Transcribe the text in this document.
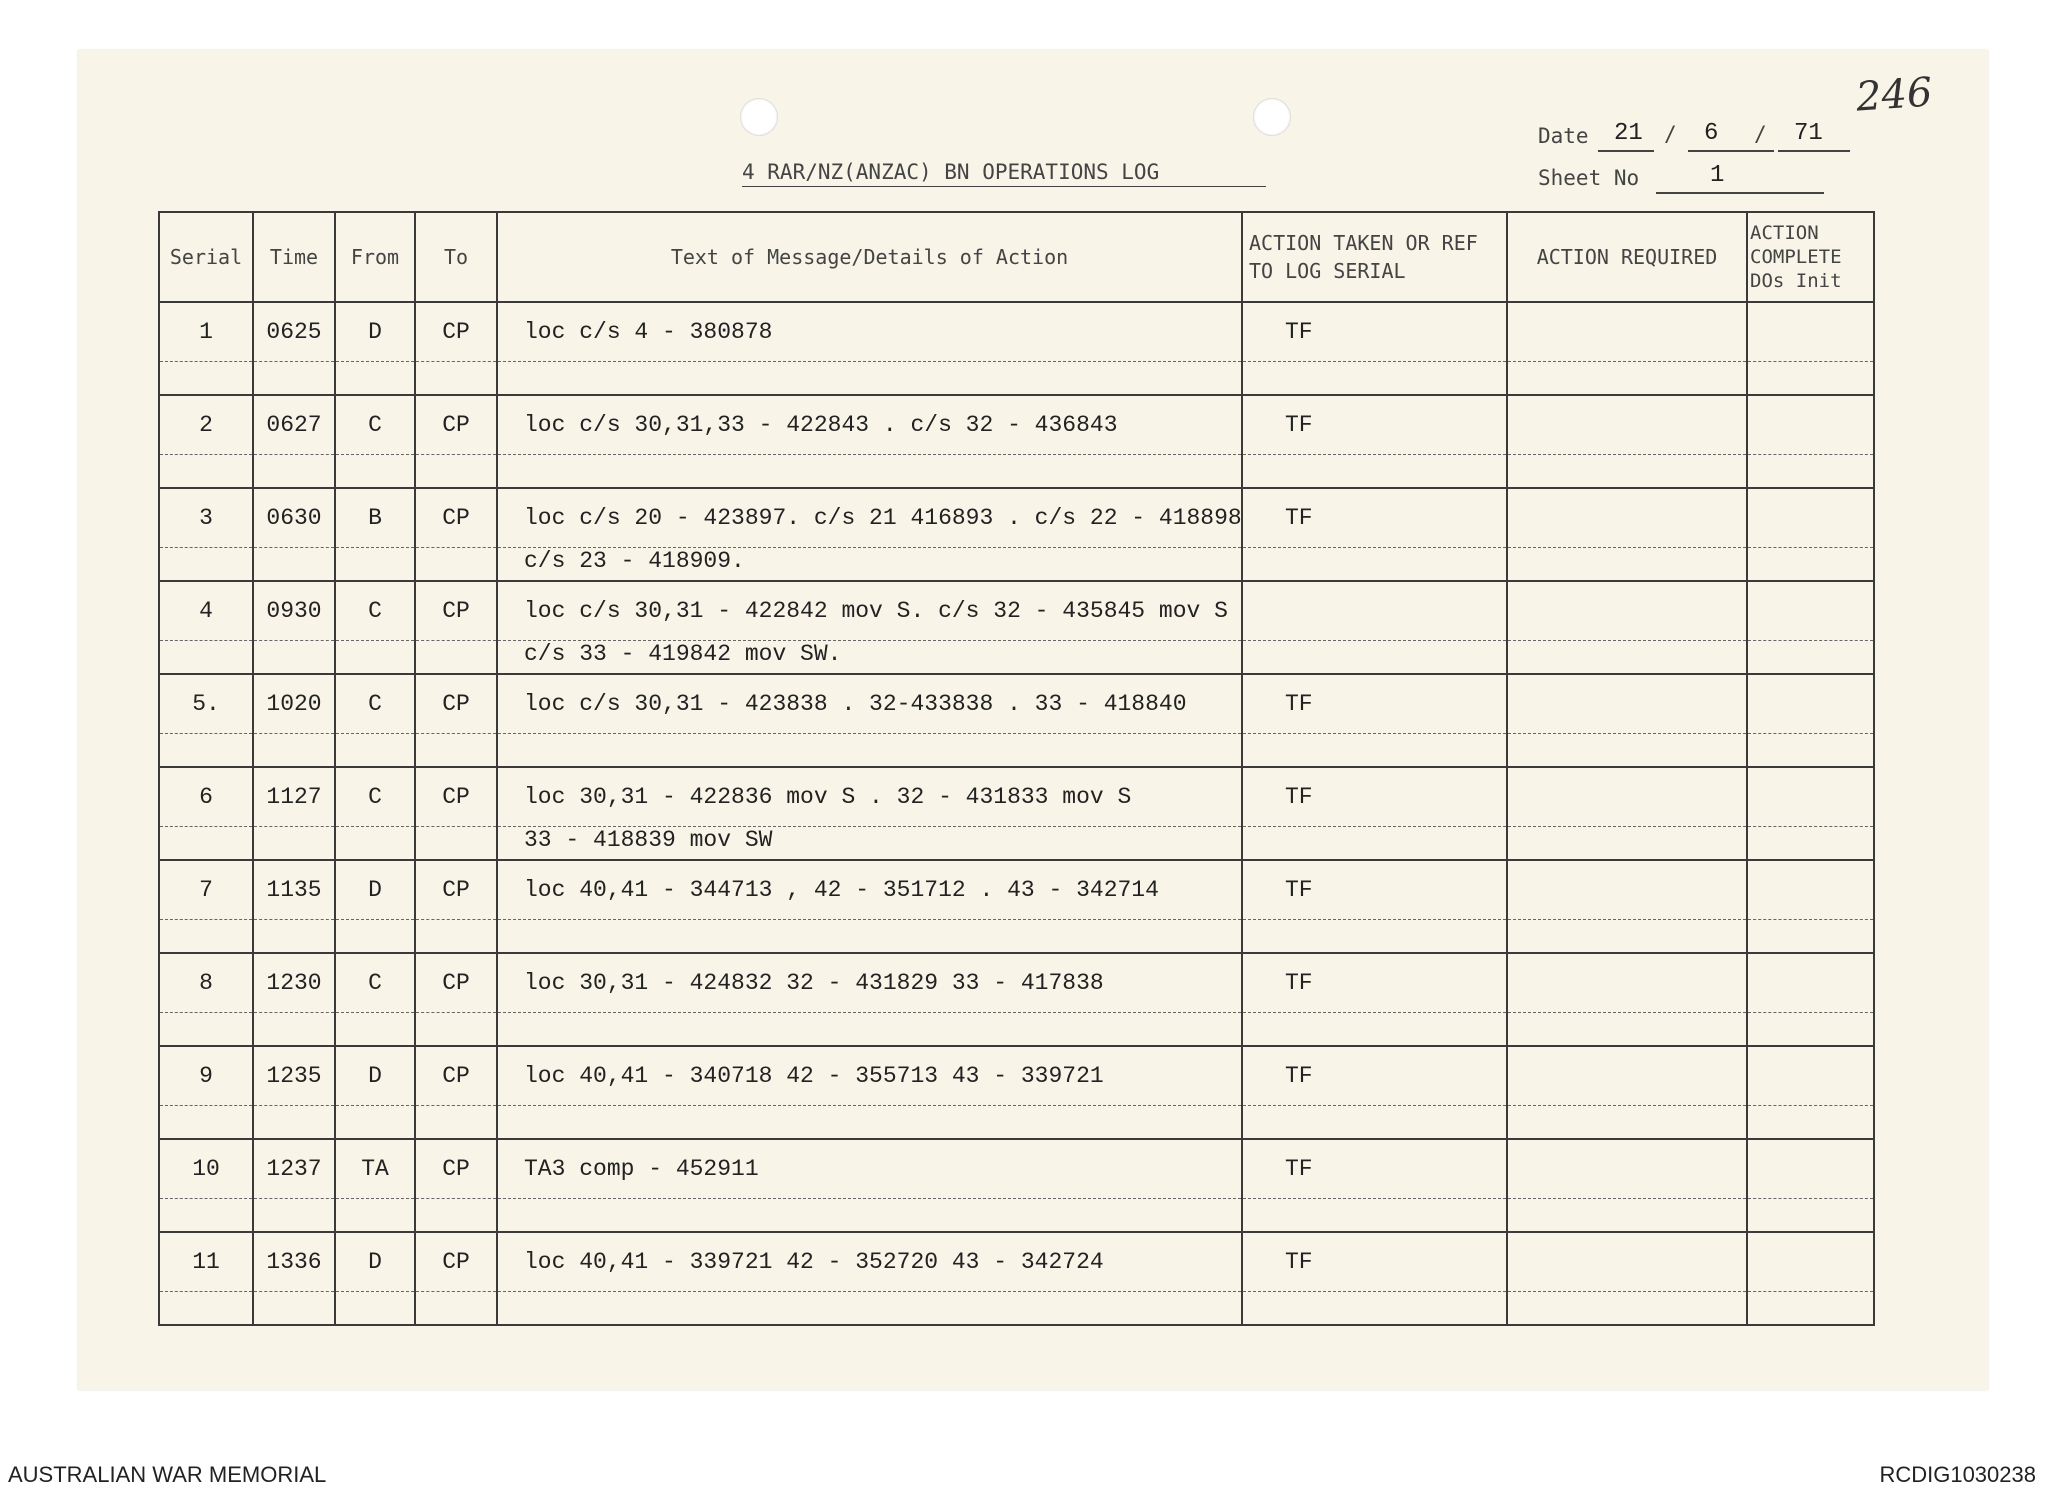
246
4 RAR/NZ(ANZAC) BN OPERATIONS LOG
Date 21 / 6 / 71
Sheet No	1
Serial	Time	From	To	Text of Message/Details of Action	ACTION TAKEN OR REF TO LOG SERIAL	ACTION REQUIRED	ACTION COMPLETE DOs Init
1	0625	D	CP	loc c/s 4 - 380878	TF		

2	0627	C	CP	loc c/s 30,31,33 - 422843 . c/s 32 - 436843	TF		

3	0630	B	CP	loc c/s 20 - 423897. c/s 21 416893 . c/s 22 - 418898	TF		
				c/s 23 - 418909.			
4	0930	C	CP	loc c/s 30,31 - 422842 mov S. c/s 32 - 435845 mov S			
				c/s 33 - 419842 mov SW.			
5.	1020	C	CP	loc c/s 30,31 - 423838 . 32-433838 . 33 - 418840	TF		

6	1127	C	CP	loc 30,31 - 422836 mov S . 32 - 431833 mov S	TF		
				33 - 418839 mov SW			
7	1135	D	CP	loc 40,41 - 344713 , 42 - 351712 . 43 - 342714	TF		

8	1230	C	CP	loc 30,31 - 424832 32 - 431829 33 - 417838	TF		

9	1235	D	CP	loc 40,41 - 340718 42 - 355713 43 - 339721	TF		

10	1237	TA	CP	TA3 comp - 452911	TF		

11	1336	D	CP	loc 40,41 - 339721 42 - 352720 43 - 342724	TF		

AUSTRALIAN WAR MEMORIAL	RCDIG1030238
